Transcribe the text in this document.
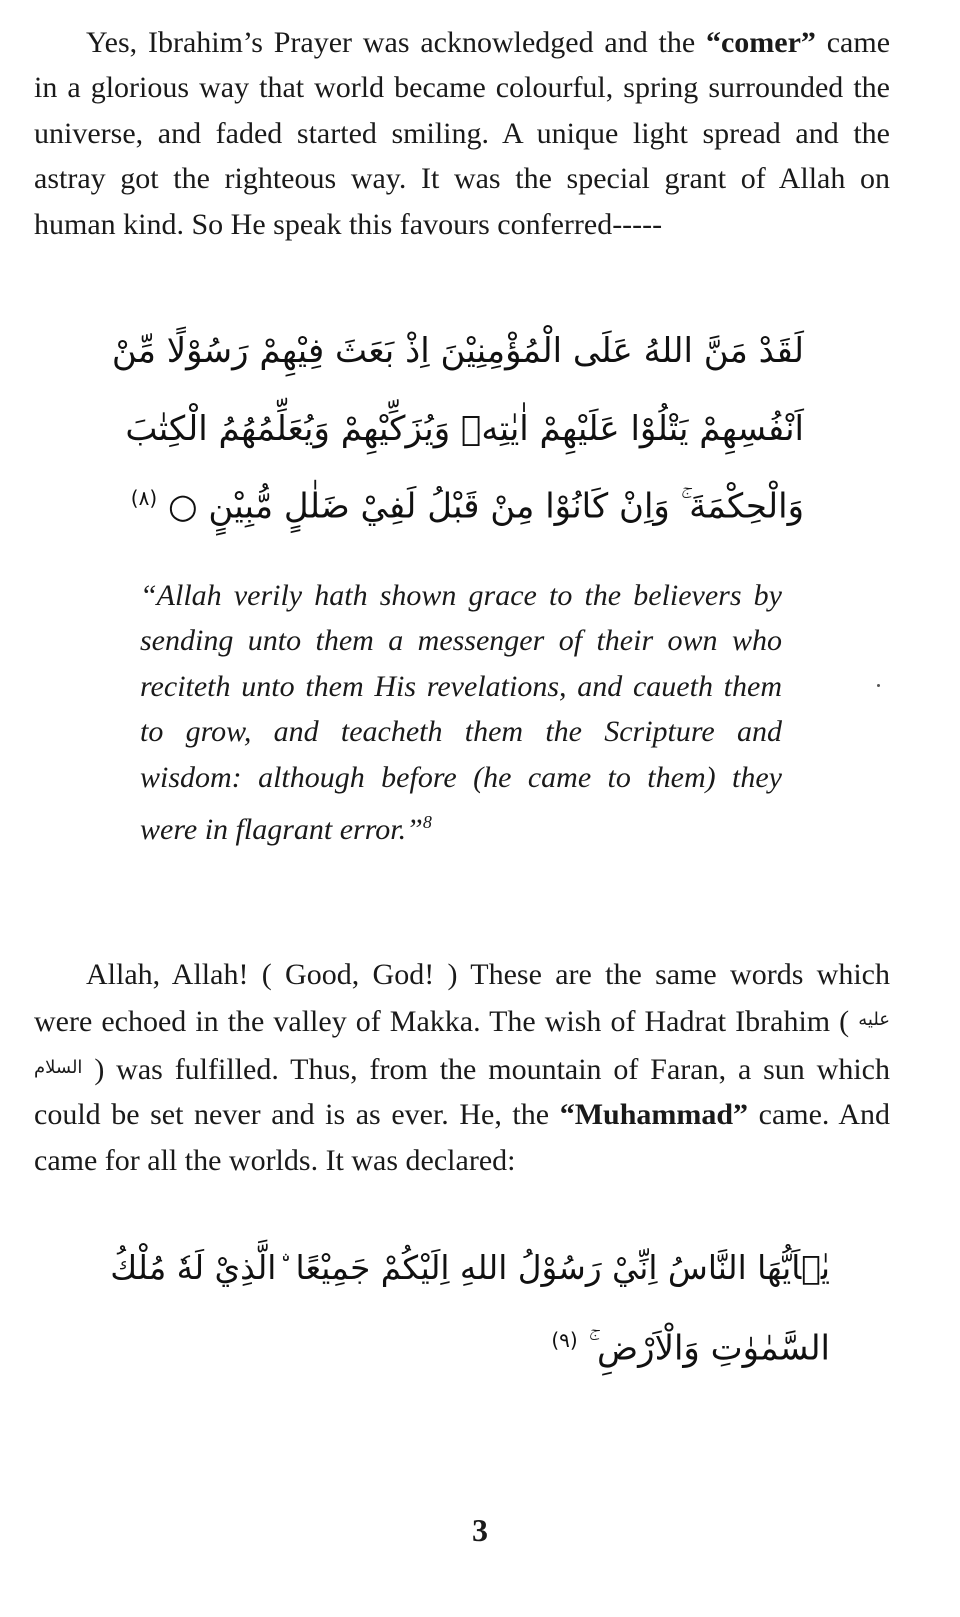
Yes, Ibrahim’s Prayer was acknowledged and the “comer” came in a glorious way that world became colourful, spring surrounded the universe, and faded started smiling. A unique light spread and the astray got the righteous way. It was the special grant of Allah on human kind. So He speak this favours conferred-----

لَقَدْ مَنَّ اللهُ عَلَى الْمُؤْمِنِيْنَ اِذْ بَعَثَ فِيْهِمْ رَسُوْلًا مِّنْ
اَنْفُسِهِمْ يَتْلُوْا عَلَيْهِمْ اٰيٰتِهٖ وَيُزَكِّيْهِمْ وَيُعَلِّمُهُمُ الْكِتٰبَ
وَالْحِكْمَةَ ۚ وَاِنْ كَانُوْا مِنْ قَبْلُ لَفِيْ ضَلٰلٍ مُّبِيْنٍ ○ $^{(٨)}$

“Allah verily hath shown grace to the believers by sending unto them a messenger of their own who reciteth unto them His revelations, and caueth them to grow, and teacheth them the Scripture and wisdom: although before (he came to them) they were in flagrant error.”$^8$

Allah, Allah! ( Good, God! ) These are the same words which were echoed in the valley of Makka. The wish of Hadrat Ibrahim ( $^{عليه السلام}$ ) was fulfilled. Thus, from the mountain of Faran, a sun which could be set never and is as ever. He, the “Muhammad” came. And came for all the worlds. It was declared:

يٰۤاَيُّهَا النَّاسُ اِنِّيْ رَسُوْلُ اللهِ اِلَيْكُمْ جَمِيْعًا ۨالَّذِيْ لَهٗ مُلْكُ
السَّمٰوٰتِ وَالْاَرْضِ ۚ $^{(٩)}$

3
